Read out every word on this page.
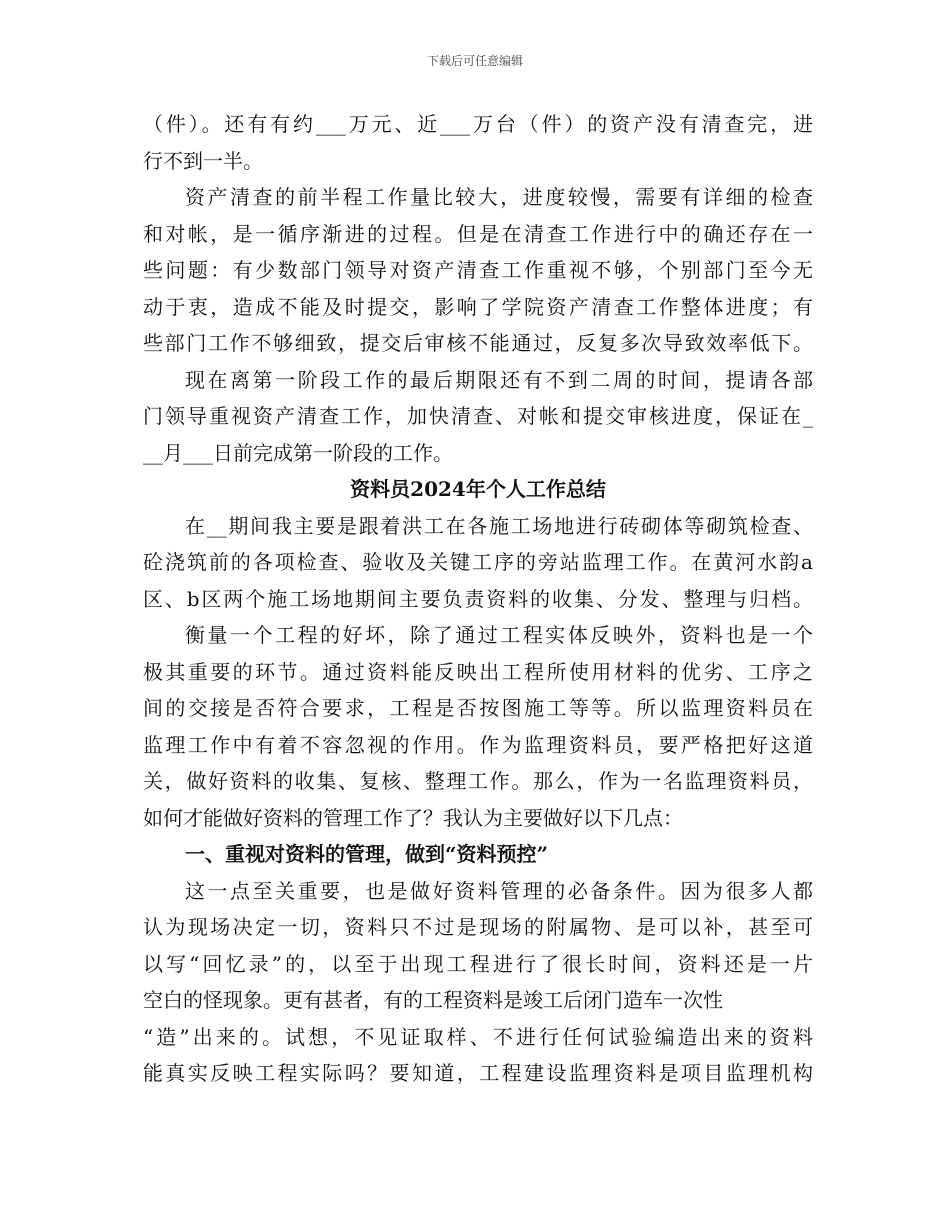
下载后可任意编辑
（件）。还有有约___万元、近___万台（件）的资产没有清查完，进
行不到一半。
资产清查的前半程工作量比较大，进度较慢，需要有详细的检查
和对帐，是一循序渐进的过程。但是在清查工作进行中的确还存在一
些问题：有少数部门领导对资产清查工作重视不够，个别部门至今无
动于衷，造成不能及时提交，影响了学院资产清查工作整体进度；有
些部门工作不够细致，提交后审核不能通过，反复多次导致效率低下。
现在离第一阶段工作的最后期限还有不到二周的时间，提请各部
门领导重视资产清查工作，加快清查、对帐和提交审核进度，保证在_
__月___日前完成第一阶段的工作。
资料员2024年个人工作总结
在__期间我主要是跟着洪工在各施工场地进行砖砌体等砌筑检查、
砼浇筑前的各项检查、验收及关键工序的旁站监理工作。在黄河水韵a
区、b区两个施工场地期间主要负责资料的收集、分发、整理与归档。
衡量一个工程的好坏，除了通过工程实体反映外，资料也是一个
极其重要的环节。通过资料能反映出工程所使用材料的优劣、工序之
间的交接是否符合要求，工程是否按图施工等等。所以监理资料员在
监理工作中有着不容忽视的作用。作为监理资料员，要严格把好这道
关，做好资料的收集、复核、整理工作。那么，作为一名监理资料员，
如何才能做好资料的管理工作了？我认为主要做好以下几点：
一、重视对资料的管理，做到“资料预控”
这一点至关重要，也是做好资料管理的必备条件。因为很多人都
认为现场决定一切，资料只不过是现场的附属物、是可以补，甚至可
以写“回忆录”的，以至于出现工程进行了很长时间，资料还是一片
空白的怪现象。更有甚者，有的工程资料是竣工后闭门造车一次性
“造”出来的。试想，不见证取样、不进行任何试验编造出来的资料
能真实反映工程实际吗？要知道，工程建设监理资料是项目监理机构
